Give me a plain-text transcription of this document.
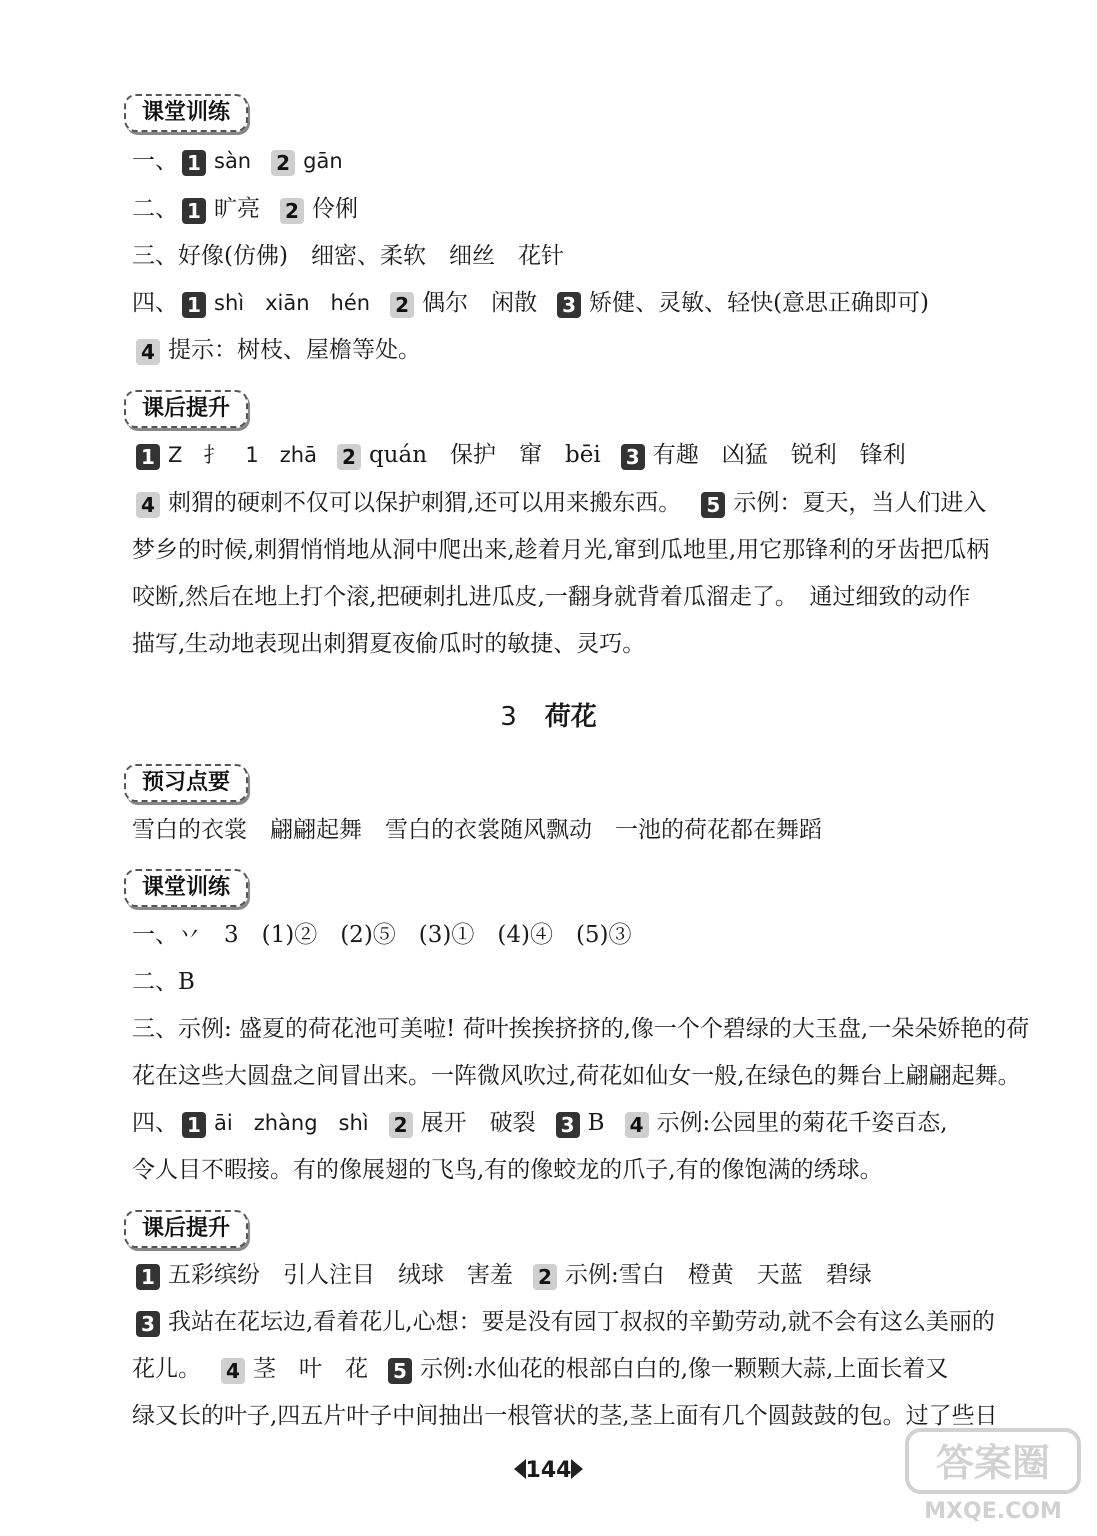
课堂训练
一、 1 sàn 2 gān
二、 1 旷亮 2 伶俐
三、好像(仿佛)　细密、柔软　细丝　花针
四、 1 shì　xiān　hén 2 偶尔　闲散 3 矫健、灵敏、轻快(意思正确即可)
4 提示：树枝、屋檐等处。
课后提升
1 Z　扌　1　zhā 2 quán　保护　窜　bēi 3 有趣　凶猛　锐利　锋利
4 刺猬的硬刺不仅可以保护刺猬,还可以用来搬东西。 5 示例：夏天，当人们进入
梦乡的时候,刺猬悄悄地从洞中爬出来,趁着月光,窜到瓜地里,用它那锋利的牙齿把瓜柄
咬断,然后在地上打个滚,把硬刺扎进瓜皮,一翻身就背着瓜溜走了。　通过细致的动作
描写,生动地表现出刺猬夏夜偷瓜时的敏捷、灵巧。
3 荷花
预习点要
雪白的衣裳　翩翩起舞　雪白的衣裳随风飘动　一池的荷花都在舞蹈
课堂训练
一、丷　3　(1)②　(2)⑤　(3)①　(4)④　(5)③
二、B
三、示例: 盛夏的荷花池可美啦! 荷叶挨挨挤挤的,像一个个碧绿的大玉盘,一朵朵娇艳的荷
花在这些大圆盘之间冒出来。一阵微风吹过,荷花如仙女一般,在绿色的舞台上翩翩起舞。
四、 1 āi　zhàng　shì 2 展开　破裂 3 B 4 示例:公园里的菊花千姿百态,
令人目不暇接。有的像展翅的飞鸟,有的像蛟龙的爪子,有的像饱满的绣球。
课后提升
1 五彩缤纷　引人注目　绒球　害羞 2 示例:雪白　橙黄　天蓝　碧绿
3 我站在花坛边,看着花儿,心想：要是没有园丁叔叔的辛勤劳动,就不会有这么美丽的
花儿。 4 茎　叶　花 5 示例:水仙花的根部白白的,像一颗颗大蒜,上面长着又
绿又长的叶子,四五片叶子中间抽出一根管状的茎,茎上面有几个圆鼓鼓的包。过了些日
144	答案圈
MXQE.COM
